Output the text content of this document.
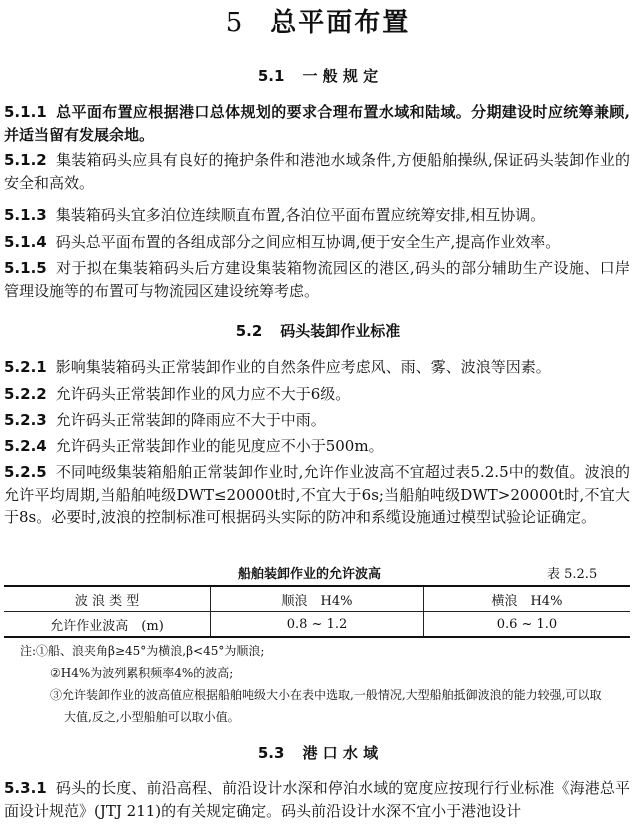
5 总平面布置
5.1 一 般 规 定
5.1.1 总平面布置应根据港口总体规划的要求合理布置水域和陆域。分期建设时应统筹兼顾,并适当留有发展余地。
5.1.2 集装箱码头应具有良好的掩护条件和港池水域条件,方便船舶操纵,保证码头装卸作业的安全和高效。
5.1.3 集装箱码头宜多泊位连续顺直布置,各泊位平面布置应统筹安排,相互协调。
5.1.4 码头总平面布置的各组成部分之间应相互协调,便于安全生产,提高作业效率。
5.1.5 对于拟在集装箱码头后方建设集装箱物流园区的港区,码头的部分辅助生产设施、口岸管理设施等的布置可与物流园区建设统筹考虑。
5.2 码头装卸作业标准
5.2.1 影响集装箱码头正常装卸作业的自然条件应考虑风、雨、雾、波浪等因素。
5.2.2 允许码头正常装卸作业的风力应不大于6级。
5.2.3 允许码头正常装卸的降雨应不大于中雨。
5.2.4 允许码头正常装卸作业的能见度应不小于500m。
5.2.5 不同吨级集装箱船舶正常装卸作业时,允许作业波高不宜超过表5.2.5中的数值。波浪的允许平均周期,当船舶吨级DWT≤20000t时,不宜大于6s;当船舶吨级DWT>20000t时,不宜大于8s。必要时,波浪的控制标准可根据码头实际的防冲和系缆设施通过模型试验论证确定。
船舶装卸作业的允许波高	表 5.2.5
波 浪 类 型	顺浪　H4%	横浪　H4%
允许作业波高　(m)	0.8 ~ 1.2	0.6 ~ 1.0
注:①船、浪夹角β≥45°为横浪,β<45°为顺浪;
②H4%为波列累积频率4%的波高;
③允许装卸作业的波高值应根据船舶吨级大小在表中选取,一般情况,大型船舶抵御波浪的能力较强,可以取
大值,反之,小型船舶可以取小值。
5.3 港 口 水 域
5.3.1 码头的长度、前沿高程、前沿设计水深和停泊水域的宽度应按现行行业标准《海港总平面设计规范》(JTJ 211)的有关规定确定。码头前沿设计水深不宜小于港池设计
